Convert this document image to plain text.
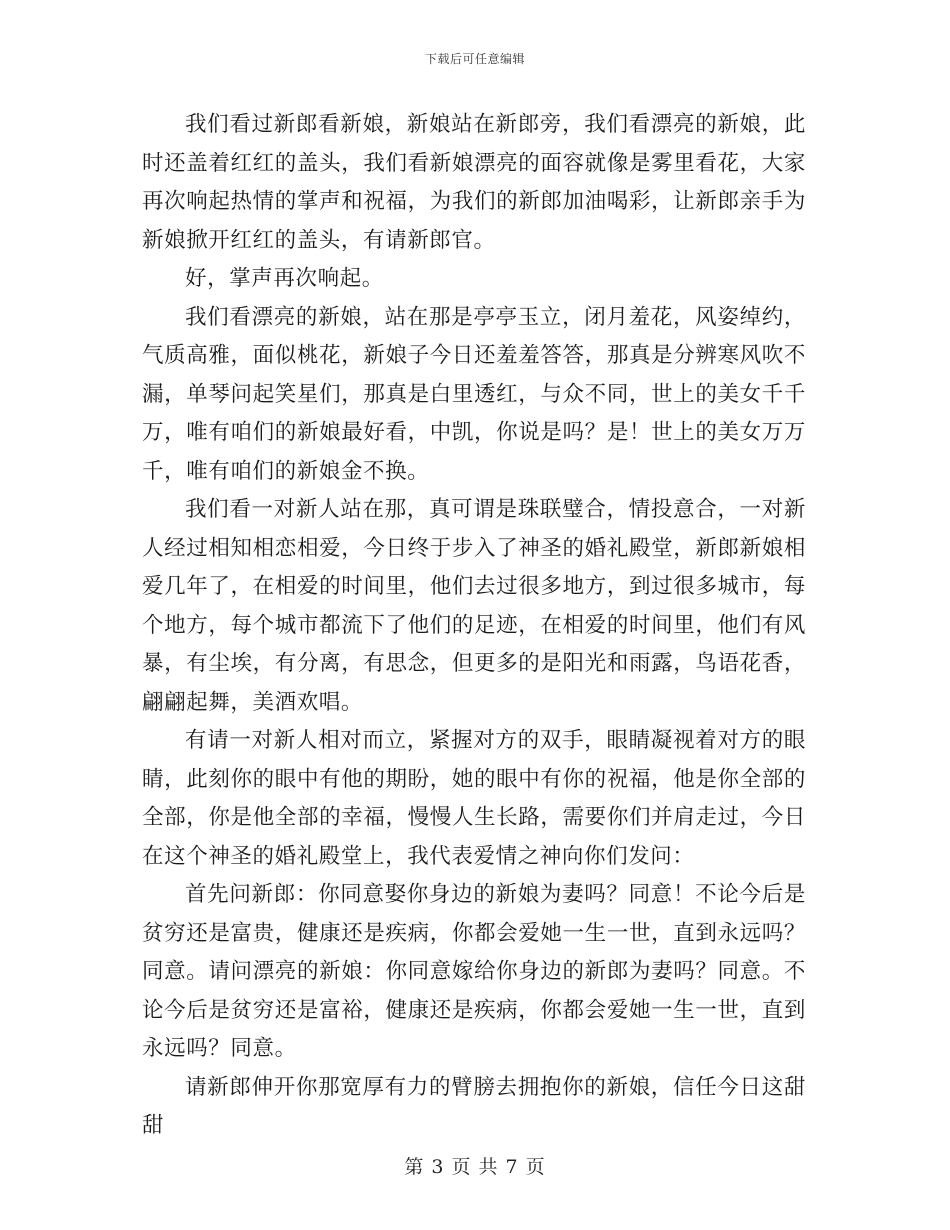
下载后可任意编辑

我们看过新郎看新娘，新娘站在新郎旁，我们看漂亮的新娘，此时还盖着红红的盖头，我们看新娘漂亮的面容就像是雾里看花，大家再次响起热情的掌声和祝福，为我们的新郎加油喝彩，让新郎亲手为新娘掀开红红的盖头，有请新郎官。

好，掌声再次响起。

我们看漂亮的新娘，站在那是亭亭玉立，闭月羞花，风姿绰约，气质高雅，面似桃花，新娘子今日还羞羞答答，那真是分辨寒风吹不漏，单琴问起笑星们，那真是白里透红，与众不同，世上的美女千千万，唯有咱们的新娘最好看，中凯，你说是吗？是！世上的美女万万千，唯有咱们的新娘金不换。

我们看一对新人站在那，真可谓是珠联璧合，情投意合，一对新人经过相知相恋相爱，今日终于步入了神圣的婚礼殿堂，新郎新娘相爱几年了，在相爱的时间里，他们去过很多地方，到过很多城市，每个地方，每个城市都流下了他们的足迹，在相爱的时间里，他们有风暴，有尘埃，有分离，有思念，但更多的是阳光和雨露，鸟语花香，翩翩起舞，美酒欢唱。

有请一对新人相对而立，紧握对方的双手，眼睛凝视着对方的眼睛，此刻你的眼中有他的期盼，她的眼中有你的祝福，他是你全部的全部，你是他全部的幸福，慢慢人生长路，需要你们并肩走过，今日在这个神圣的婚礼殿堂上，我代表爱情之神向你们发问：

首先问新郎：你同意娶你身边的新娘为妻吗？同意！不论今后是贫穷还是富贵，健康还是疾病，你都会爱她一生一世，直到永远吗？同意。请问漂亮的新娘：你同意嫁给你身边的新郎为妻吗？同意。不论今后是贫穷还是富裕，健康还是疾病，你都会爱她一生一世，直到永远吗？同意。

请新郎伸开你那宽厚有力的臂膀去拥抱你的新娘，信任今日这甜甜

第 3 页 共 7 页
